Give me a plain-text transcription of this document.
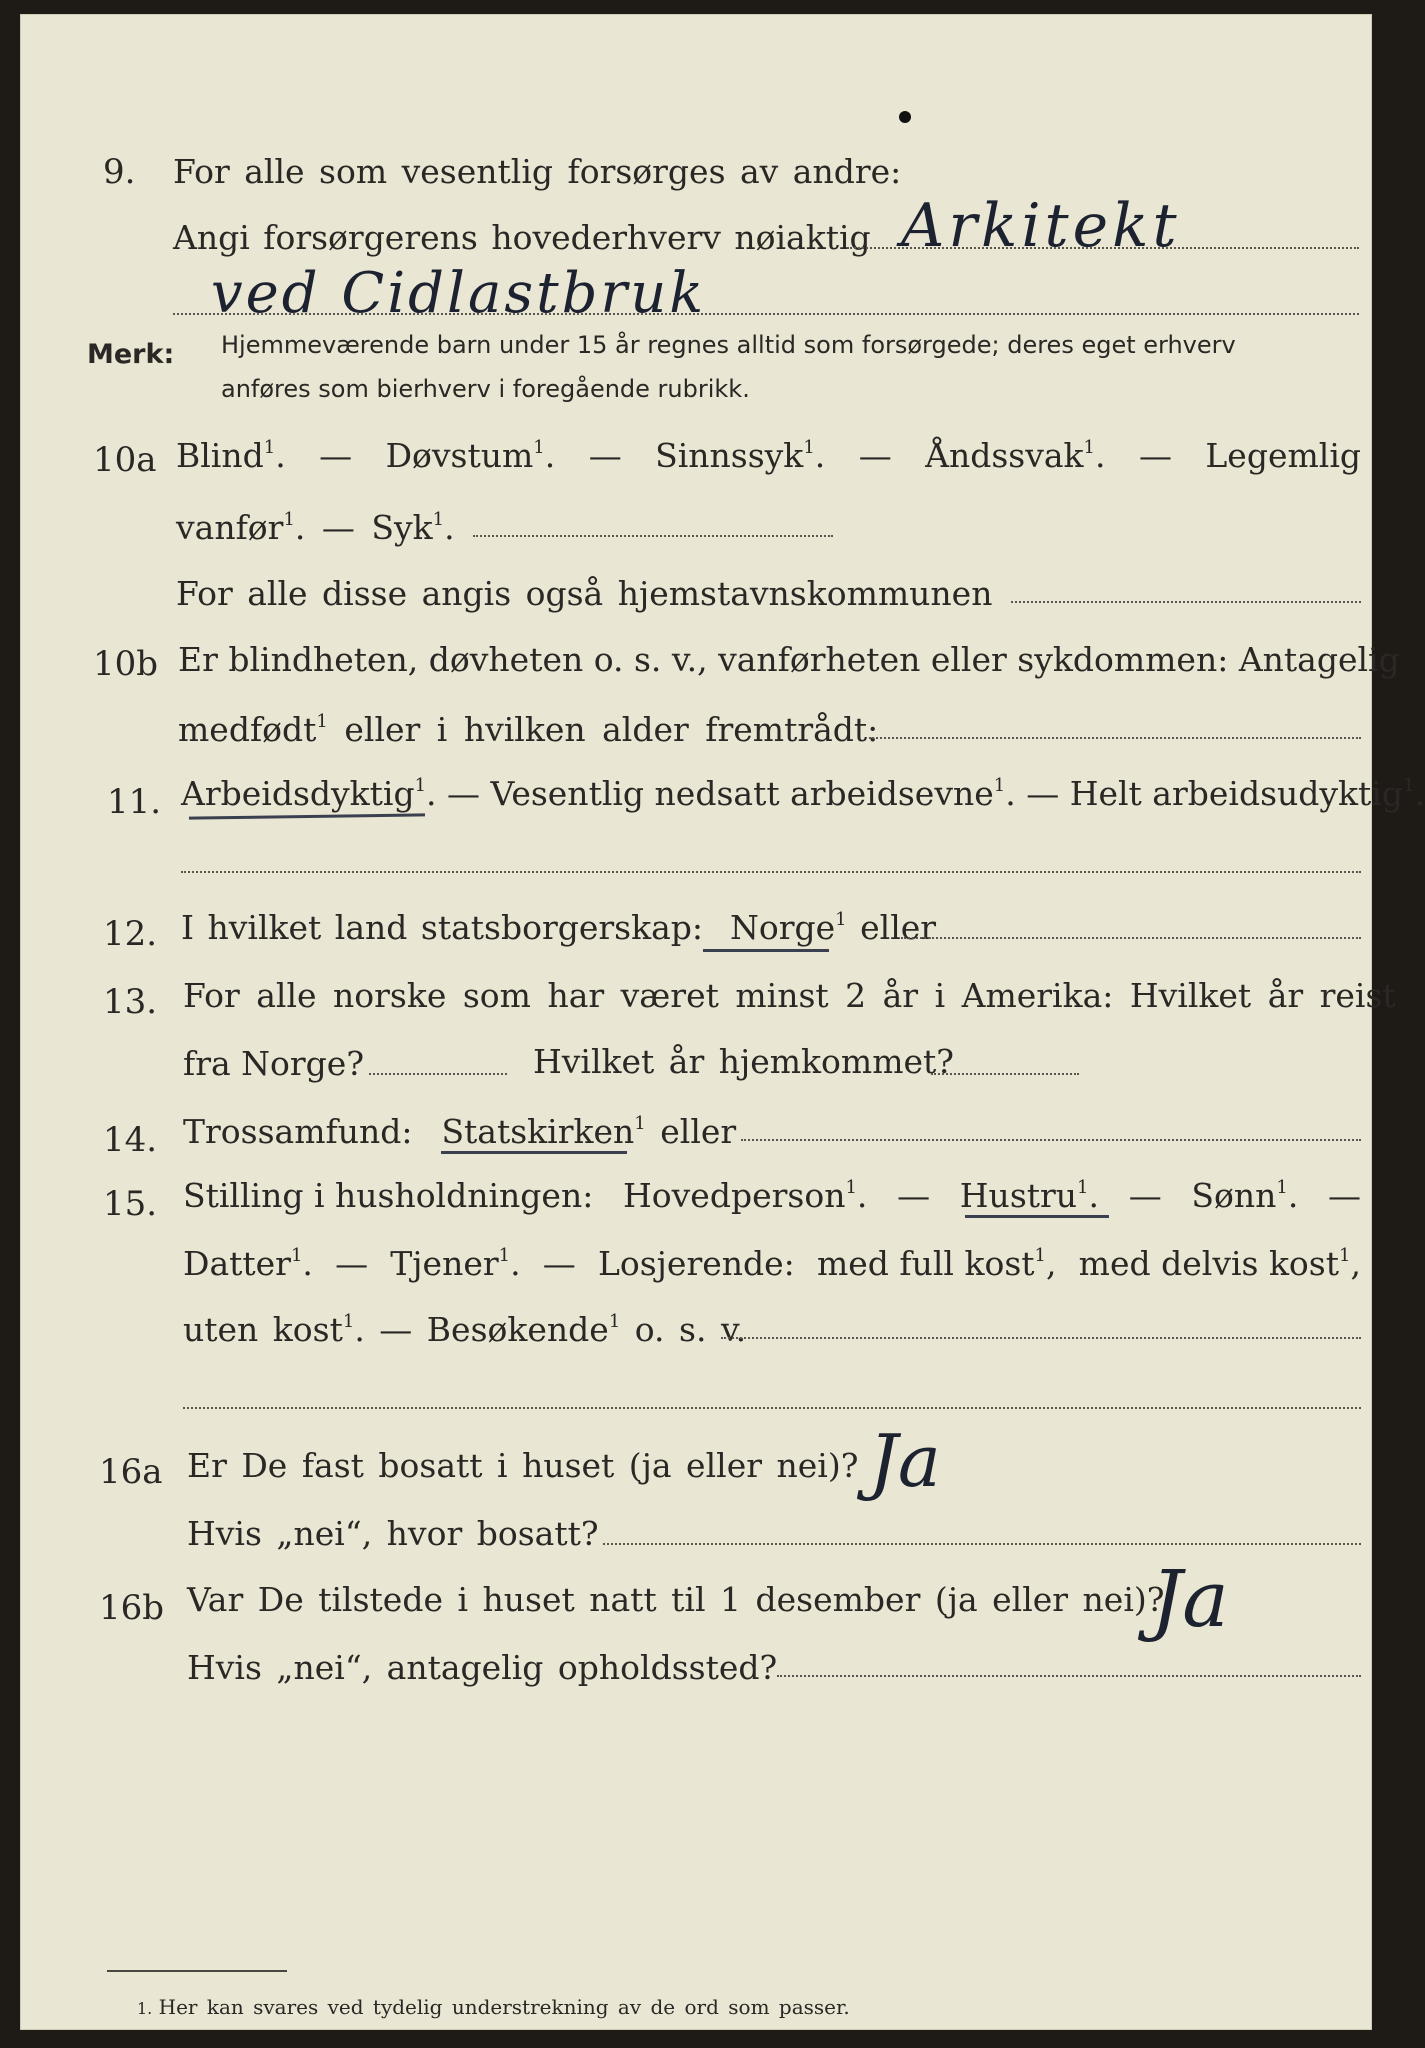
9. For alle som vesentlig forsørges av andre:
Angi forsørgerens hovederhverv nøiaktig Arkitekt
ved Cidlastbruk
Merk: Hjemmeværende barn under 15 år regnes alltid som forsørgede; deres eget erhverv
anføres som bierhverv i foregående rubrikk.
10a Blind$^1$. — Døvstum$^1$. — Sinnssyk$^1$. — Åndssvak$^1$. — Legemlig
vanfør$^1$. — Syk$^1$.
For alle disse angis også hjemstavnskommunen
10b Er blindheten, døvheten o. s. v., vanførheten eller sykdommen: Antagelig
medfødt$^1$ eller i hvilken alder fremtrådt:
11. Arbeidsdyktig$^1$. — Vesentlig nedsatt arbeidsevne$^1$. — Helt arbeidsudyktig$^1$.
12. I hvilket land statsborgerskap: Norge$^1$ eller
13. For alle norske som har været minst 2 år i Amerika: Hvilket år reist
fra Norge?	Hvilket år hjemkommet?
14. Trossamfund: Statskirken$^1$ eller
15. Stilling i husholdningen: Hovedperson$^1$. — Hustru$^1$. — Sønn$^1$. —
Datter$^1$. — Tjener$^1$. — Losjerende: med full kost$^1$, med delvis kost$^1$,
uten kost$^1$. — Besøkende$^1$ o. s. v.
16a Er De fast bosatt i huset (ja eller nei)? Ja
Hvis „nei“, hvor bosatt?
16b Var De tilstede i huset natt til 1 desember (ja eller nei)?
Ja
Hvis „nei“, antagelig opholdssted?
1. Her kan svares ved tydelig understrekning av de ord som passer.
